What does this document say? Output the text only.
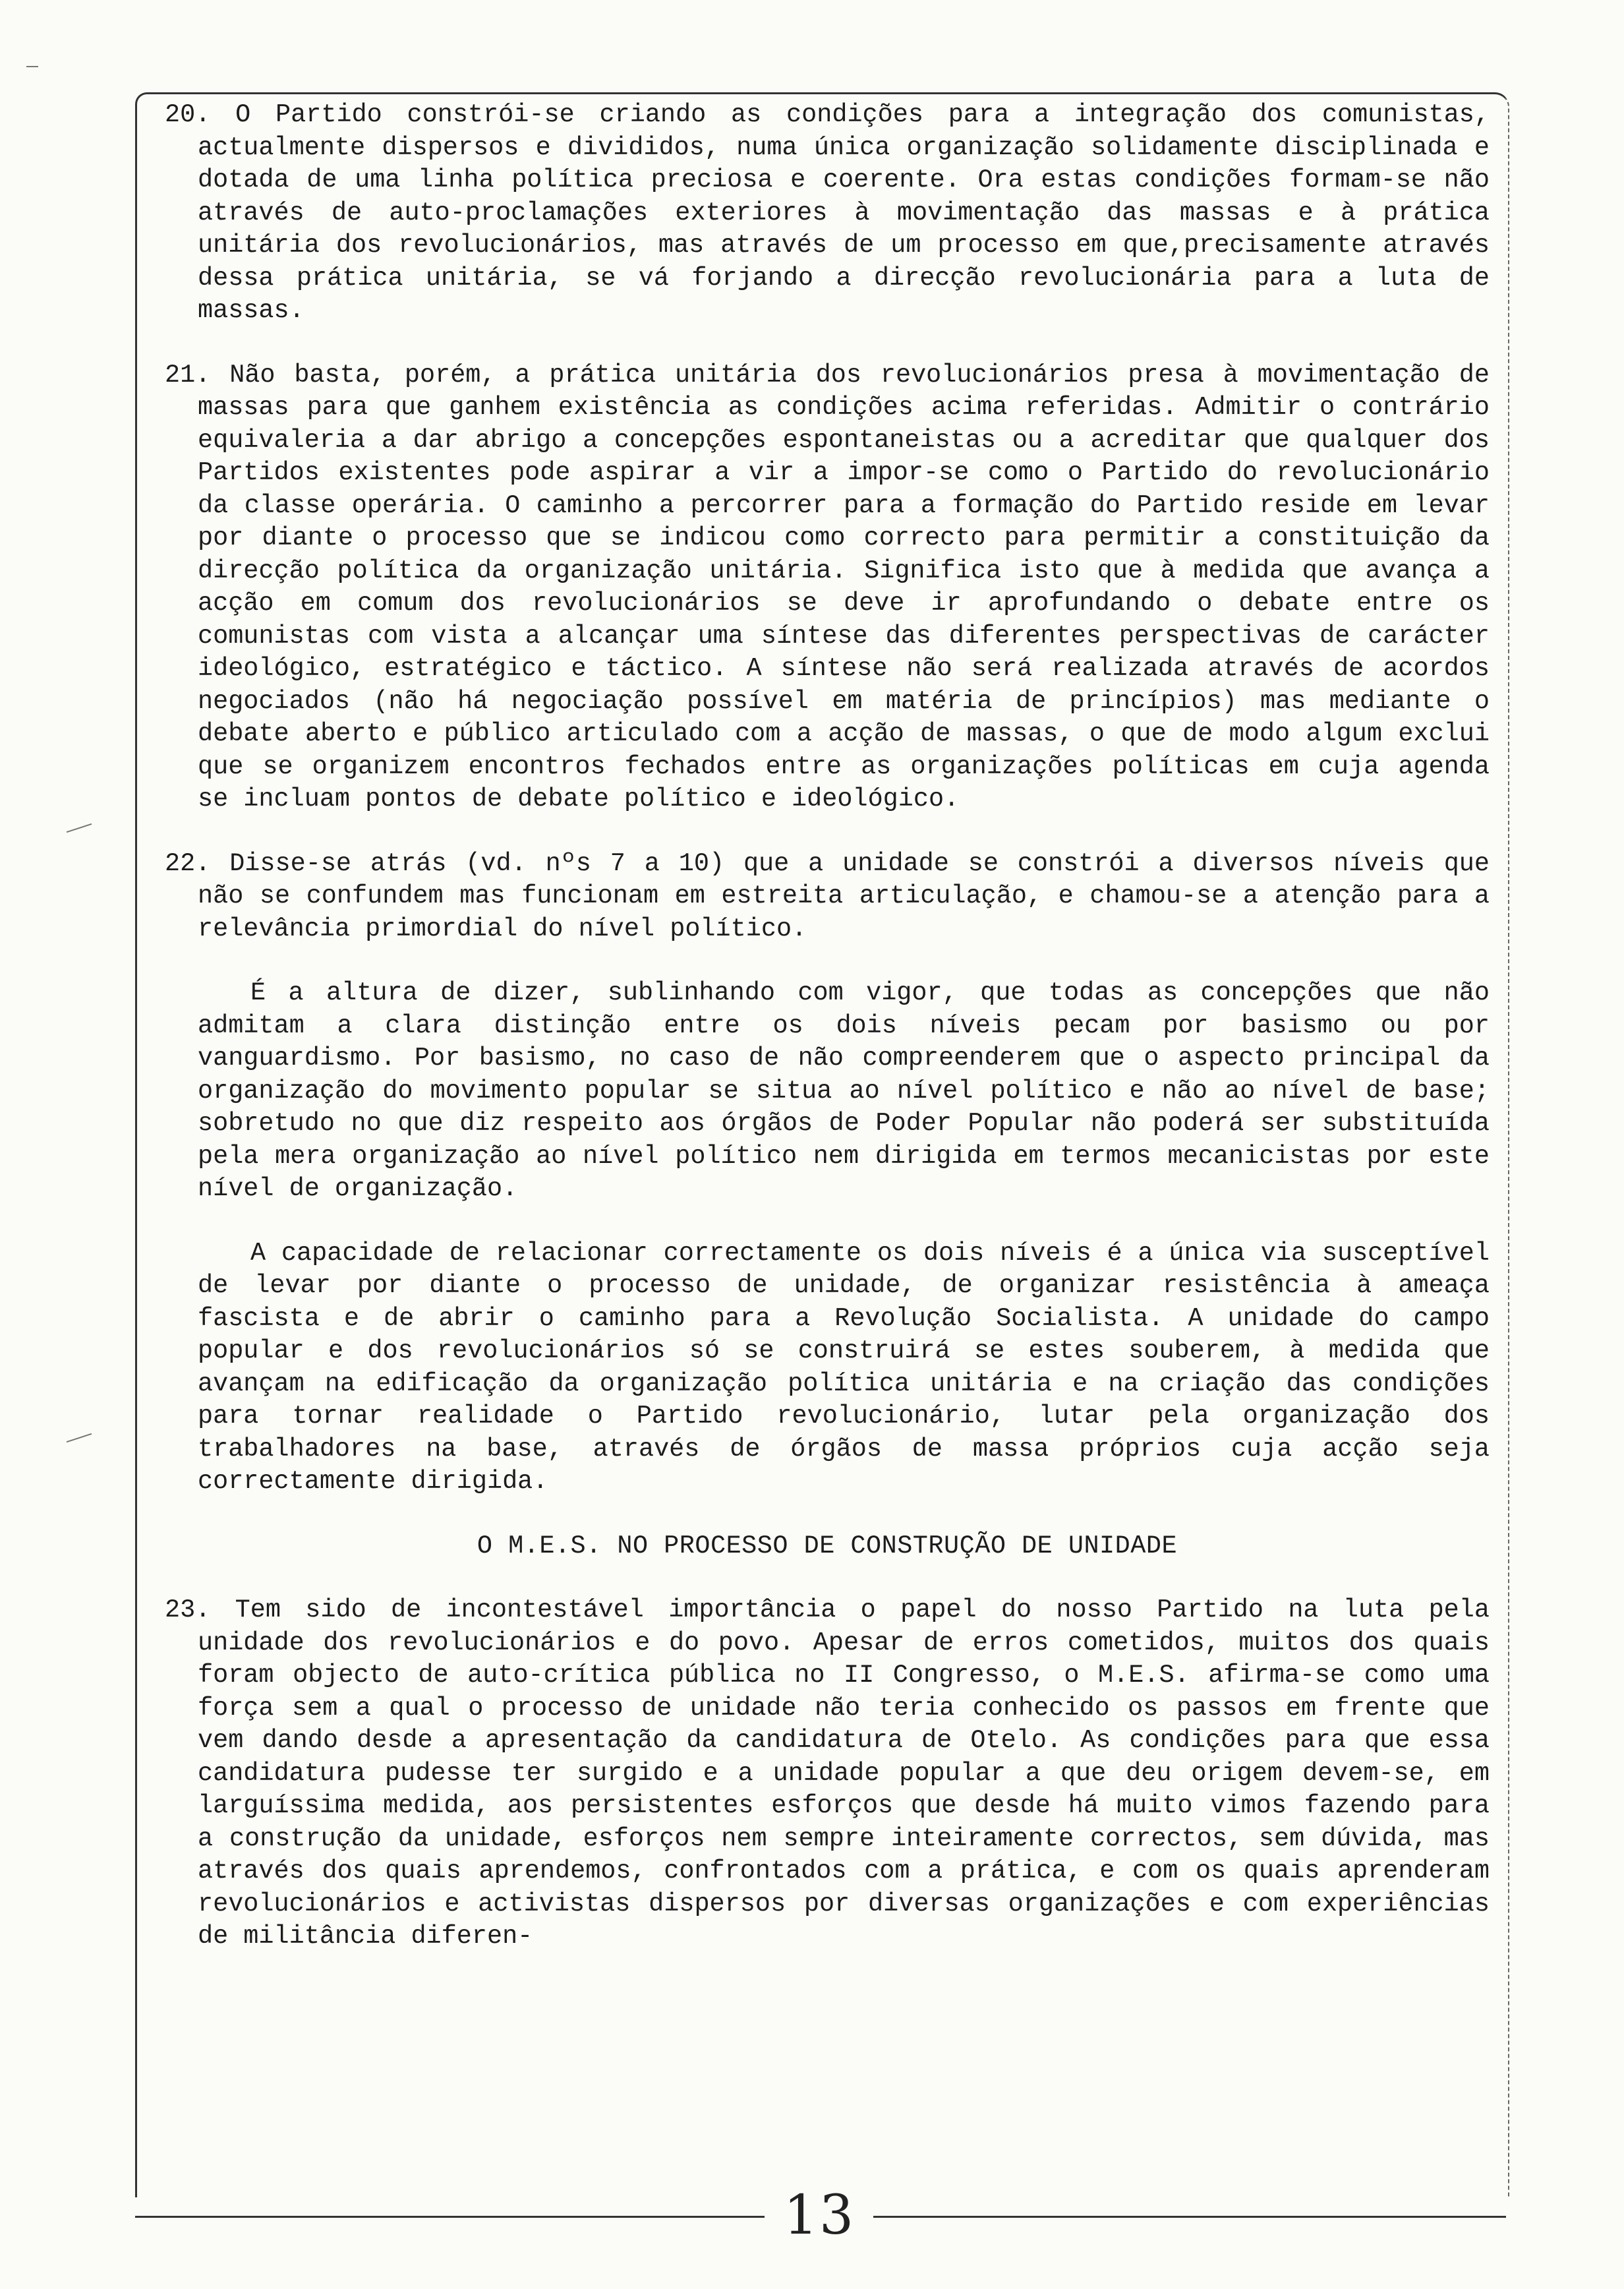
20. O Partido constrói-se criando as condições para a integração dos comunistas, actualmente dispersos e divididos, numa única organização solidamente disciplinada e dotada de uma linha política preciosa e coerente. Ora estas condições formam-se não através de auto-proclamações exteriores à movimentação das massas e à prática unitária dos revolucionários, mas através de um processo em que,precisamente através dessa prática unitária, se vá forjando a direcção revolucionária para a luta de massas.

21. Não basta, porém, a prática unitária dos revolucionários presa à movimentação de massas para que ganhem existência as condições acima referidas. Admitir o contrário equivaleria a dar abrigo a concepções espontaneistas ou a acreditar que qualquer dos Partidos existentes pode aspirar a vir a impor-se como o Partido do revolucionário da classe operária. O caminho a percorrer para a formação do Partido reside em levar por diante o processo que se indicou como correcto para permitir a constituição da direcção política da organização unitária. Significa isto que à medida que avança a acção em comum dos revolucionários se deve ir aprofundando o debate entre os comunistas com vista a alcançar uma síntese das diferentes perspectivas de carácter ideológico, estratégico e táctico. A síntese não será realizada através de acordos negociados (não há negociação possível em matéria de princípios) mas mediante o debate aberto e público articulado com a acção de massas, o que de modo algum exclui que se organizem encontros fechados entre as organizações políticas em cuja agenda se incluam pontos de debate político e ideológico.

22. Disse-se atrás (vd. nºs 7 a 10) que a unidade se constrói a diversos níveis que não se confundem mas funcionam em estreita articulação, e chamou-se a atenção para a relevância primordial do nível político.

É a altura de dizer, sublinhando com vigor, que todas as concepções que não admitam a clara distinção entre os dois níveis pecam por basismo ou por vanguardismo. Por basismo, no caso de não compreenderem que o aspecto principal da organização do movimento popular se situa ao nível político e não ao nível de base; sobretudo no que diz respeito aos órgãos de Poder Popular não poderá ser substituída pela mera organização ao nível político nem dirigida em termos mecanicistas por este nível de organização.

A capacidade de relacionar correctamente os dois níveis é a única via susceptível de levar por diante o processo de unidade, de organizar resistência à ameaça fascista e de abrir o caminho para a Revolução Socialista. A unidade do campo popular e dos revolucionários só se construirá se estes souberem, à medida que avançam na edificação da organização política unitária e na criação das condições para tornar realidade o Partido revolucionário, lutar pela organização dos trabalhadores na base, através de órgãos de massa próprios cuja acção seja correctamente dirigida.

O M.E.S. NO PROCESSO DE CONSTRUÇÃO DE UNIDADE

23. Tem sido de incontestável importância o papel do nosso Partido na luta pela unidade dos revolucionários e do povo. Apesar de erros cometidos, muitos dos quais foram objecto de auto-crítica pública no II Congresso, o M.E.S. afirma-se como uma força sem a qual o processo de unidade não teria conhecido os passos em frente que vem dando desde a apresentação da candidatura de Otelo. As condições para que essa candidatura pudesse ter surgido e a unidade popular a que deu origem devem-se, em larguíssima medida, aos persistentes esforços que desde há muito vimos fazendo para a construção da unidade, esforços nem sempre inteiramente correctos, sem dúvida, mas através dos quais aprendemos, confrontados com a prática, e com os quais aprenderam revolucionários e activistas dispersos por diversas organizações e com experiências de militância diferen-

13
